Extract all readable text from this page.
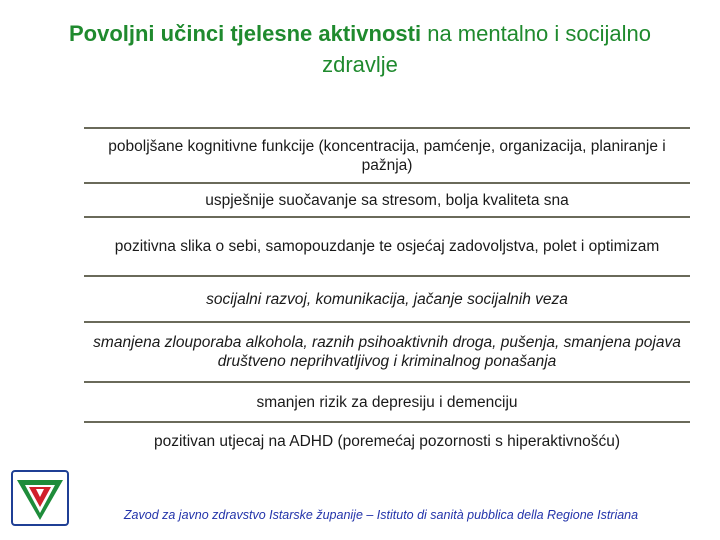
Povoljni učinci tjelesne aktivnosti na mentalno i socijalno zdravlje
poboljšane kognitivne funkcije (koncentracija, pamćenje, organizacija, planiranje i pažnja)
uspješnije suočavanje sa stresom, bolja kvaliteta sna
pozitivna slika o sebi, samopouzdanje te osjećaj zadovoljstva, polet i optimizam
socijalni razvoj, komunikacija, jačanje socijalnih veza
smanjena zlouporaba alkohola, raznih psihoaktivnih droga, pušenja, smanjena pojava društveno neprihvatljivog i kriminalnog ponašanja
smanjen rizik za depresiju i demenciju
pozitivan utjecaj na ADHD (poremećaj pozornosti s hiperaktivnošću)
Zavod za javno zdravstvo Istarske županije – Istituto di sanità pubblica della Regione Istriana
